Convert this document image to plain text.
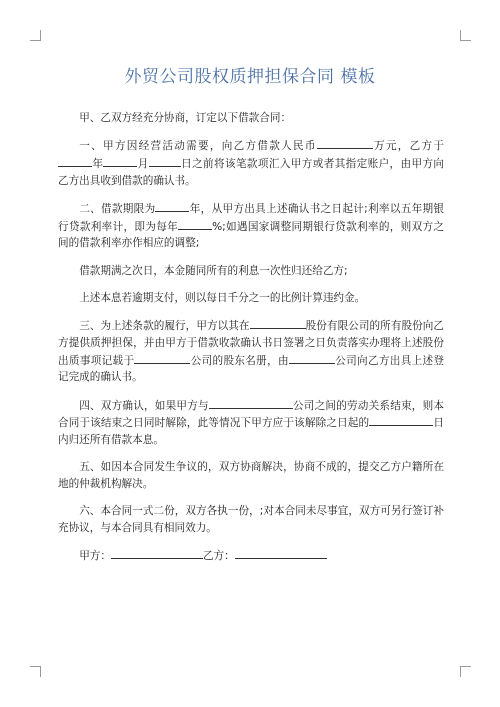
外贸公司股权质押担保合同 模板

甲、乙双方经充分协商，订定以下借款合同：

一、甲方因经营活动需要，向乙方借款人民币	万元，乙方于年	月	日之前将该笔款项汇入甲方或者其指定账户，由甲方向乙方出具收到借款的确认书。

二、借款期限为	年，从甲方出具上述确认书之日起计;利率以五年期银行贷款利率计，即为每年	%;如遇国家调整同期银行贷款利率的，则双方之间的借款利率亦作相应的调整;

借款期满之次日，本金随同所有的利息一次性归还给乙方;

上述本息若逾期支付，则以每日千分之一的比例计算违约金。

三、为上述条款的履行，甲方以其在	股份有限公司的所有股份向乙方提供质押担保，并由甲方于借款收款确认书日签署之日负责落实办理将上述股份出质事项记载于	公司的股东名册，由	公司向乙方出具上述登记完成的确认书。

四、双方确认，如果甲方与	公司之间的劳动关系结束，则本合同于该结束之日同时解除，此等情况下甲方应于该解除之日起的	日内归还所有借款本息。

五、如因本合同发生争议的，双方协商解决，协商不成的，提交乙方户籍所在地的仲裁机构解决。

六、本合同一式二份，双方各执一份，;对本合同未尽事宜，双方可另行签订补充协议，与本合同具有相同效力。

甲方：	乙方：
